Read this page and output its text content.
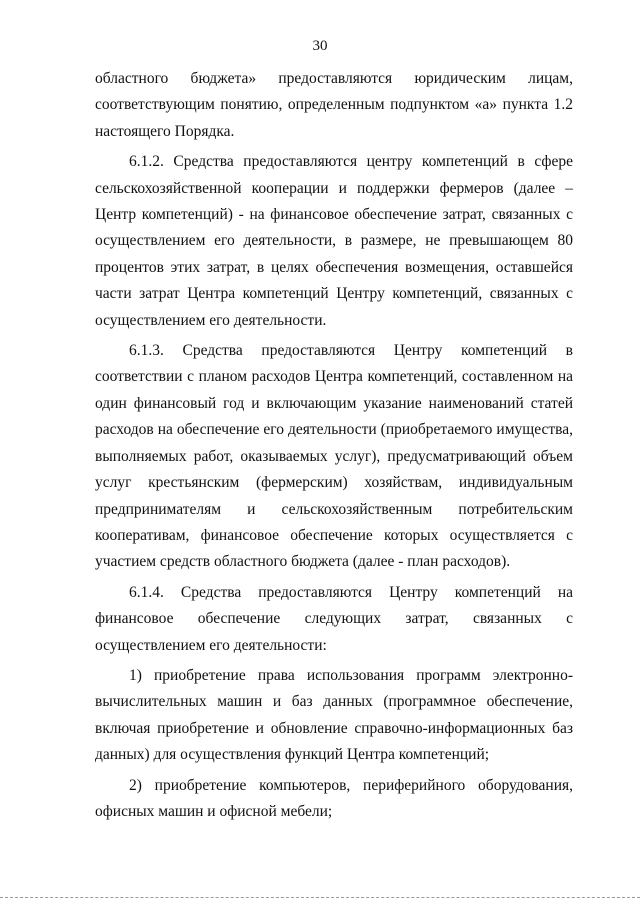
30

областного бюджета» предоставляются юридическим лицам, соответствующим понятию, определенным подпунктом «а» пункта 1.2 настоящего Порядка.

6.1.2. Средства предоставляются центру компетенций в сфере сельскохозяйственной кооперации и поддержки фермеров (далее – Центр компетенций) - на финансовое обеспечение затрат, связанных с осуществлением его деятельности, в размере, не превышающем 80 процентов этих затрат, в целях обеспечения возмещения, оставшейся части затрат Центра компетенций Центру компетенций, связанных с осуществлением его деятельности.

6.1.3. Средства предоставляются Центру компетенций в соответствии с планом расходов Центра компетенций, составленном на один финансовый год и включающим указание наименований статей расходов на обеспечение его деятельности (приобретаемого имущества, выполняемых работ, оказываемых услуг), предусматривающий объем услуг крестьянским (фермерским) хозяйствам, индивидуальным предпринимателям и сельскохозяйственным потребительским кооперативам, финансовое обеспечение которых осуществляется с участием средств областного бюджета (далее - план расходов).

6.1.4. Средства предоставляются Центру компетенций на финансовое обеспечение следующих затрат, связанных с осуществлением его деятельности:

1) приобретение права использования программ электронно-вычислительных машин и баз данных (программное обеспечение, включая приобретение и обновление справочно-информационных баз данных) для осуществления функций Центра компетенций;

2) приобретение компьютеров, периферийного оборудования, офисных машин и офисной мебели;
